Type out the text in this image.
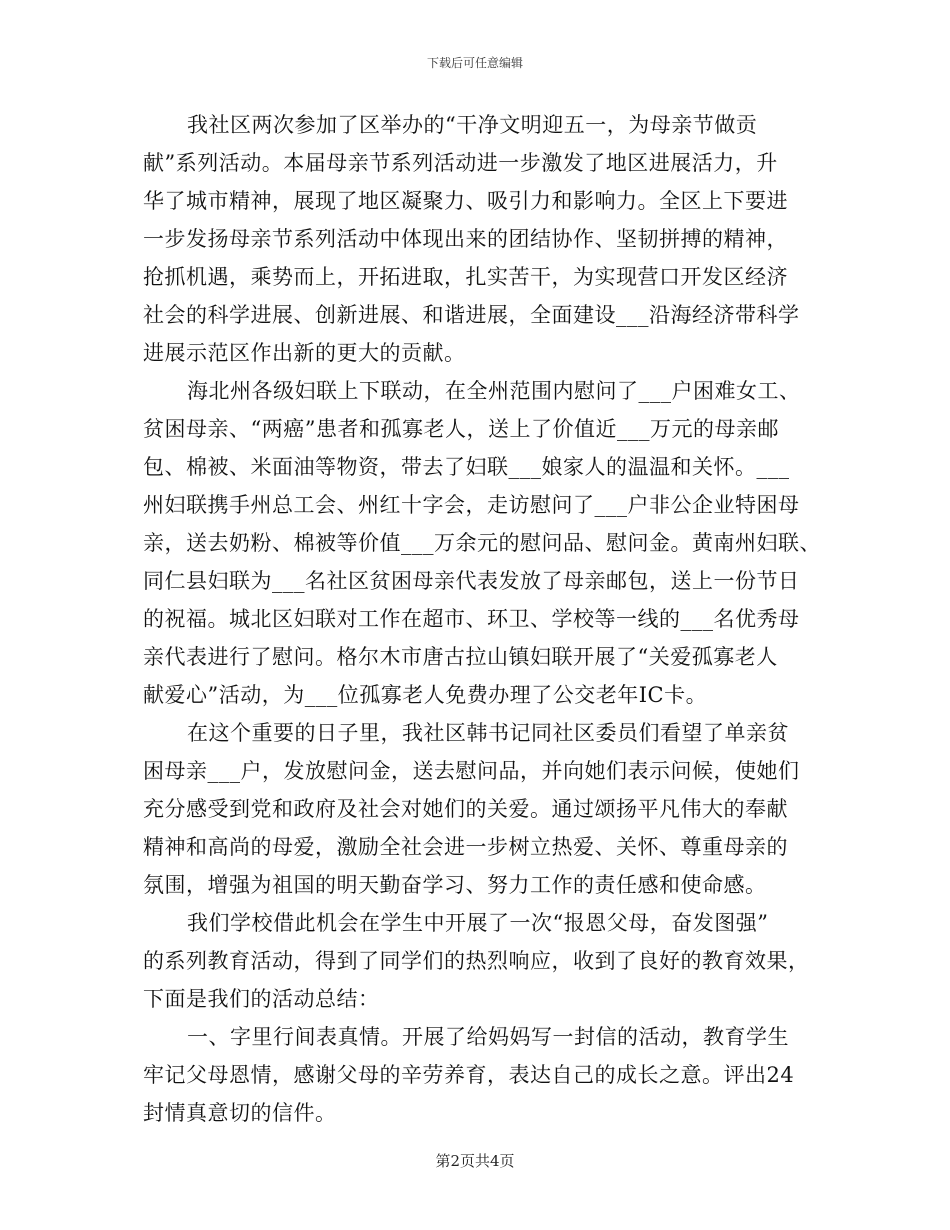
下载后可任意编辑
我社区两次参加了区举办的“干净文明迎五一，为母亲节做贡
献”系列活动。本届母亲节系列活动进一步激发了地区进展活力，升
华了城市精神，展现了地区凝聚力、吸引力和影响力。全区上下要进
一步发扬母亲节系列活动中体现出来的团结协作、坚韧拼搏的精神，
抢抓机遇，乘势而上，开拓进取，扎实苦干，为实现营口开发区经济
社会的科学进展、创新进展、和谐进展，全面建设___沿海经济带科学
进展示范区作出新的更大的贡献。
海北州各级妇联上下联动，在全州范围内慰问了___户困难女工、
贫困母亲、“两癌”患者和孤寡老人，送上了价值近___万元的母亲邮
包、棉被、米面油等物资，带去了妇联___娘家人的温温和关怀。___
州妇联携手州总工会、州红十字会，走访慰问了___户非公企业特困母
亲，送去奶粉、棉被等价值___万余元的慰问品、慰问金。黄南州妇联、
同仁县妇联为___名社区贫困母亲代表发放了母亲邮包，送上一份节日
的祝福。城北区妇联对工作在超市、环卫、学校等一线的___名优秀母
亲代表进行了慰问。格尔木市唐古拉山镇妇联开展了“关爱孤寡老人
献爱心”活动，为___位孤寡老人免费办理了公交老年IC卡。
在这个重要的日子里，我社区韩书记同社区委员们看望了单亲贫
困母亲___户，发放慰问金，送去慰问品，并向她们表示问候，使她们
充分感受到党和政府及社会对她们的关爱。通过颂扬平凡伟大的奉献
精神和高尚的母爱，激励全社会进一步树立热爱、关怀、尊重母亲的
氛围，增强为祖国的明天勤奋学习、努力工作的责任感和使命感。
我们学校借此机会在学生中开展了一次“报恩父母，奋发图强”
的系列教育活动，得到了同学们的热烈响应，收到了良好的教育效果，
下面是我们的活动总结：
一、字里行间表真情。开展了给妈妈写一封信的活动，教育学生
牢记父母恩情，感谢父母的辛劳养育，表达自己的成长之意。评出24
封情真意切的信件。
第2页共4页
